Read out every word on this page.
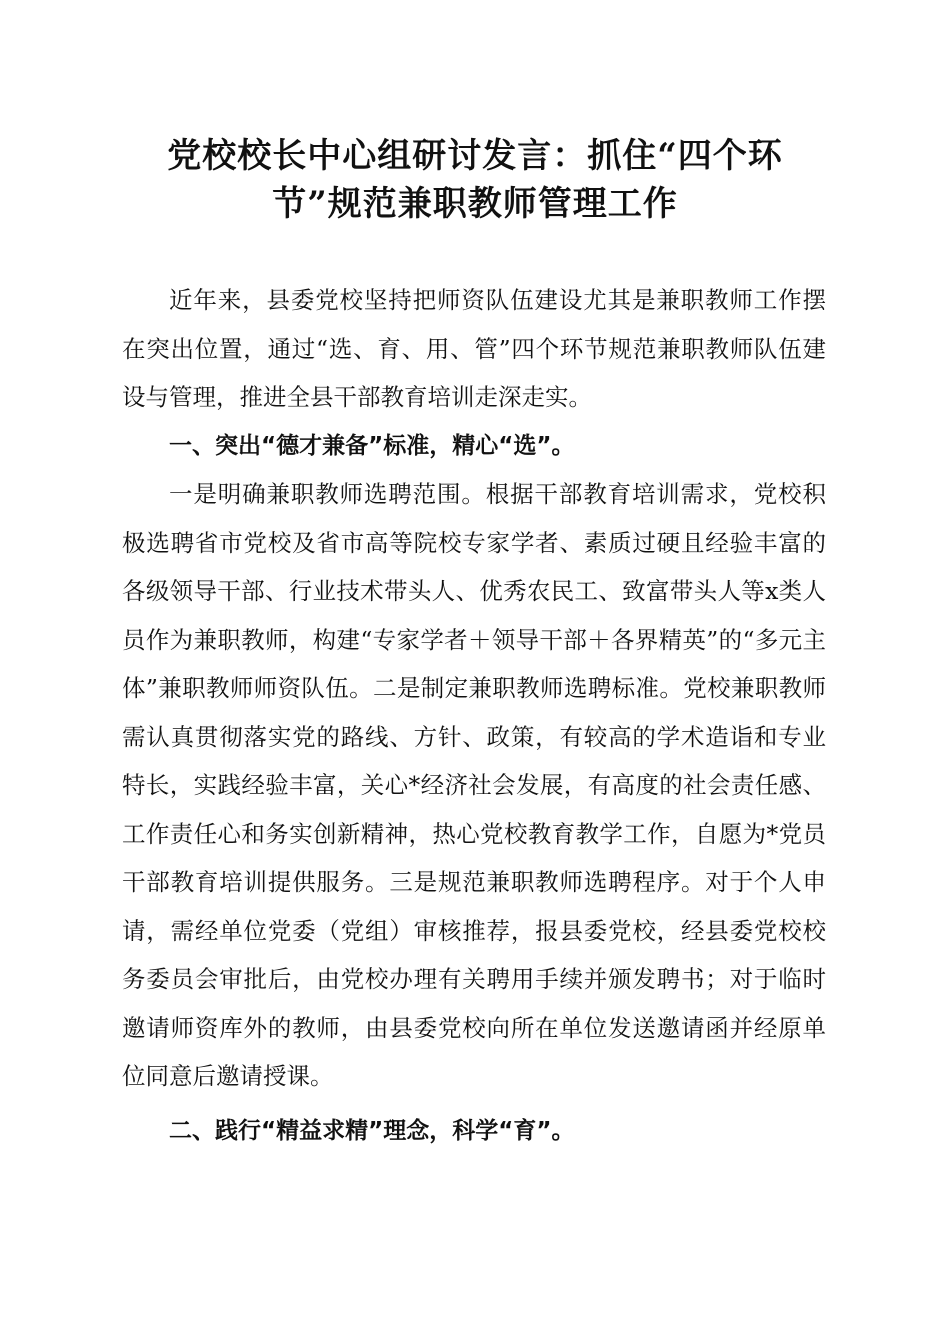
党校校长中心组研讨发言：抓住“四个环
节”规范兼职教师管理工作

近年来，县委党校坚持把师资队伍建设尤其是兼职教师工作摆在突出位置，通过“选、育、用、管”四个环节规范兼职教师队伍建设与管理，推进全县干部教育培训走深走实。

一、突出“德才兼备”标准，精心“选”。

一是明确兼职教师选聘范围。根据干部教育培训需求，党校积极选聘省市党校及省市高等院校专家学者、素质过硬且经验丰富的各级领导干部、行业技术带头人、优秀农民工、致富带头人等x类人员作为兼职教师，构建“专家学者＋领导干部＋各界精英”的“多元主体”兼职教师师资队伍。二是制定兼职教师选聘标准。党校兼职教师需认真贯彻落实党的路线、方针、政策，有较高的学术造诣和专业特长，实践经验丰富，关心*经济社会发展，有高度的社会责任感、工作责任心和务实创新精神，热心党校教育教学工作，自愿为*党员干部教育培训提供服务。三是规范兼职教师选聘程序。对于个人申请，需经单位党委（党组）审核推荐，报县委党校，经县委党校校务委员会审批后，由党校办理有关聘用手续并颁发聘书；对于临时邀请师资库外的教师，由县委党校向所在单位发送邀请函并经原单位同意后邀请授课。

二、践行“精益求精”理念，科学“育”。
